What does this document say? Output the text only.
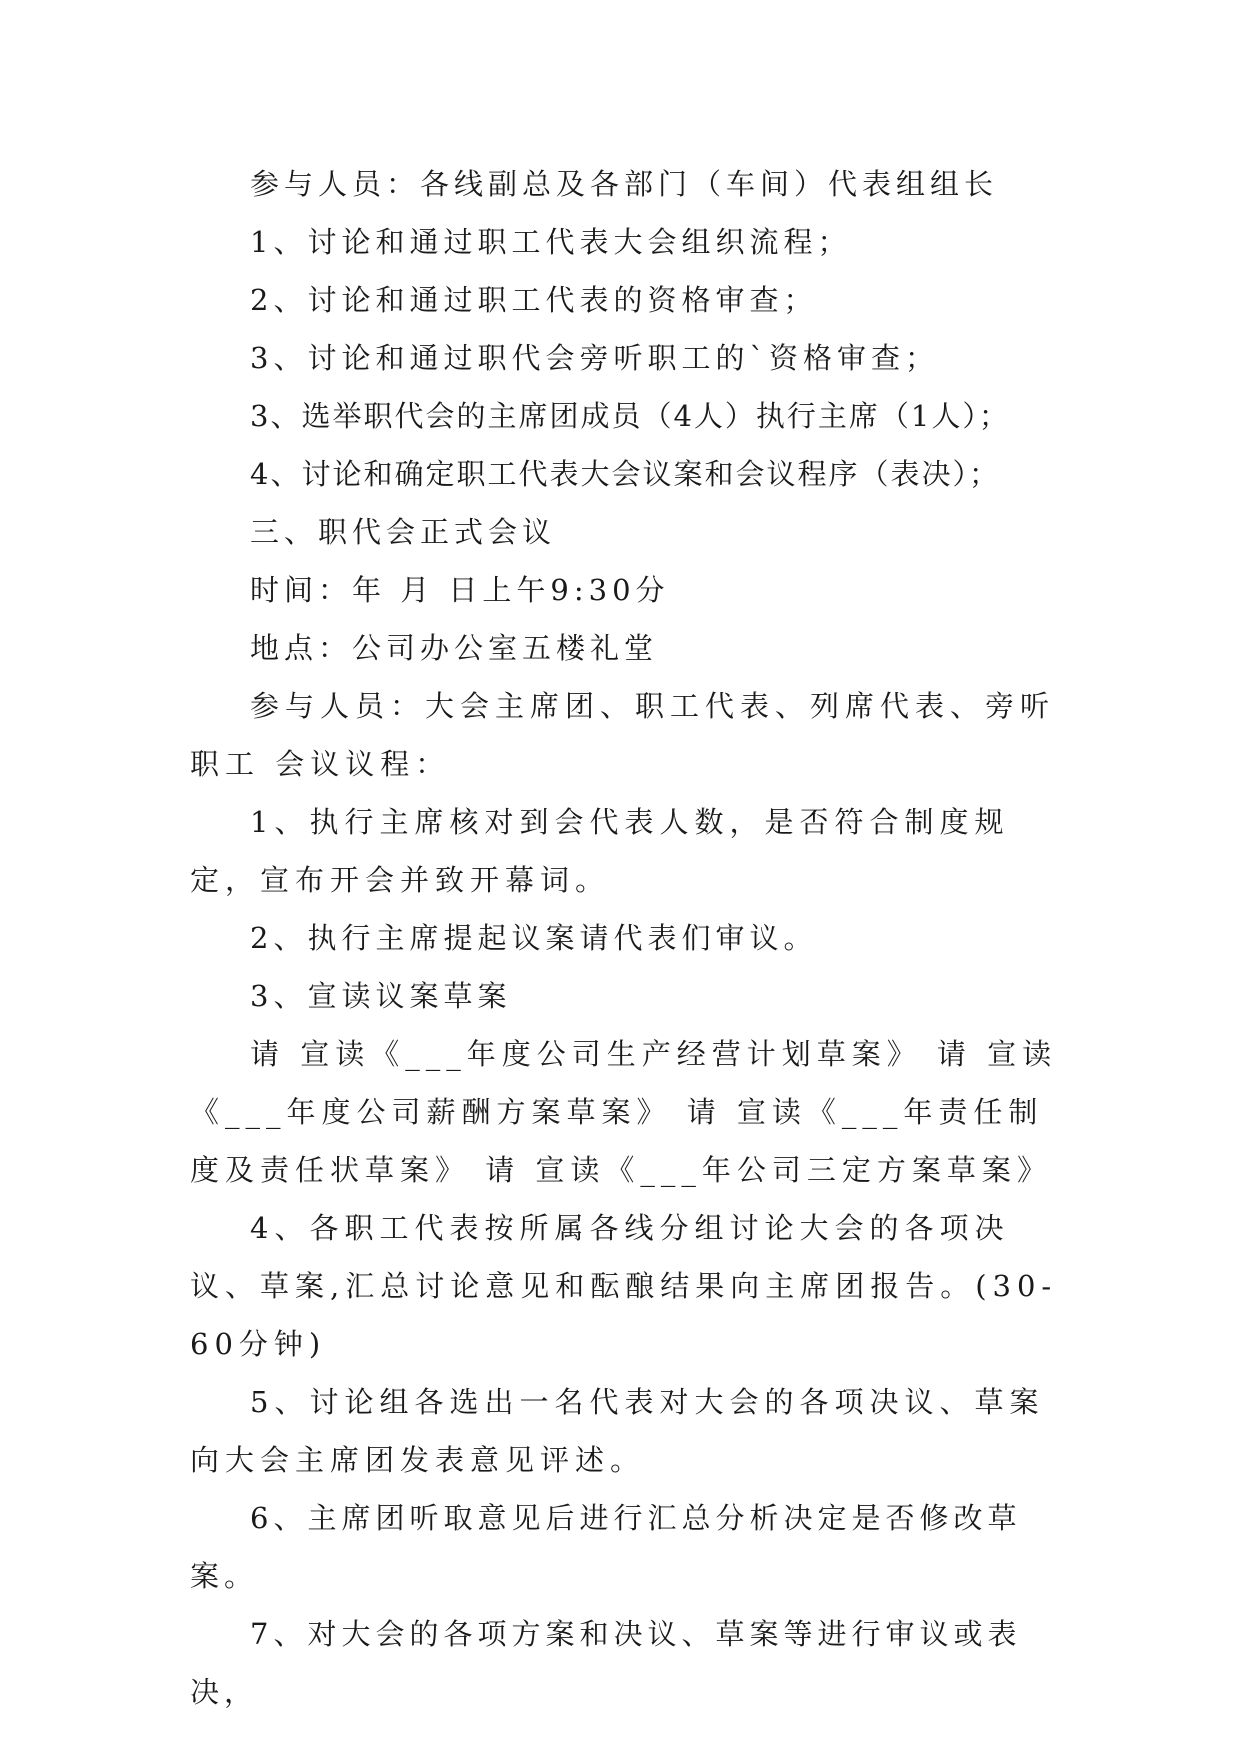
参与人员：各线副总及各部门（车间）代表组组长

1、讨论和通过职工代表大会组织流程；

2、讨论和通过职工代表的资格审查；

3、讨论和通过职代会旁听职工的`资格审查；

3、选举职代会的主席团成员（4人）执行主席（1人）；

4、讨论和确定职工代表大会议案和会议程序（表决）；

三、职代会正式会议

时间：年 月 日上午9:30分

地点：公司办公室五楼礼堂

参与人员：大会主席团、职工代表、列席代表、旁听职工 会议议程：

1、执行主席核对到会代表人数，是否符合制度规定，宣布开会并致开幕词。

2、执行主席提起议案请代表们审议。

3、宣读议案草案

请 宣读《___年度公司生产经营计划草案》 请 宣读《___年度公司薪酬方案草案》 请 宣读《___年责任制度及责任状草案》 请 宣读《___年公司三定方案草案》

4、各职工代表按所属各线分组讨论大会的各项决议、草案,汇总讨论意见和酝酿结果向主席团报告。(30-60分钟)

5、讨论组各选出一名代表对大会的各项决议、草案向大会主席团发表意见评述。

6、主席团听取意见后进行汇总分析决定是否修改草案。

7、对大会的各项方案和决议、草案等进行审议或表决，
